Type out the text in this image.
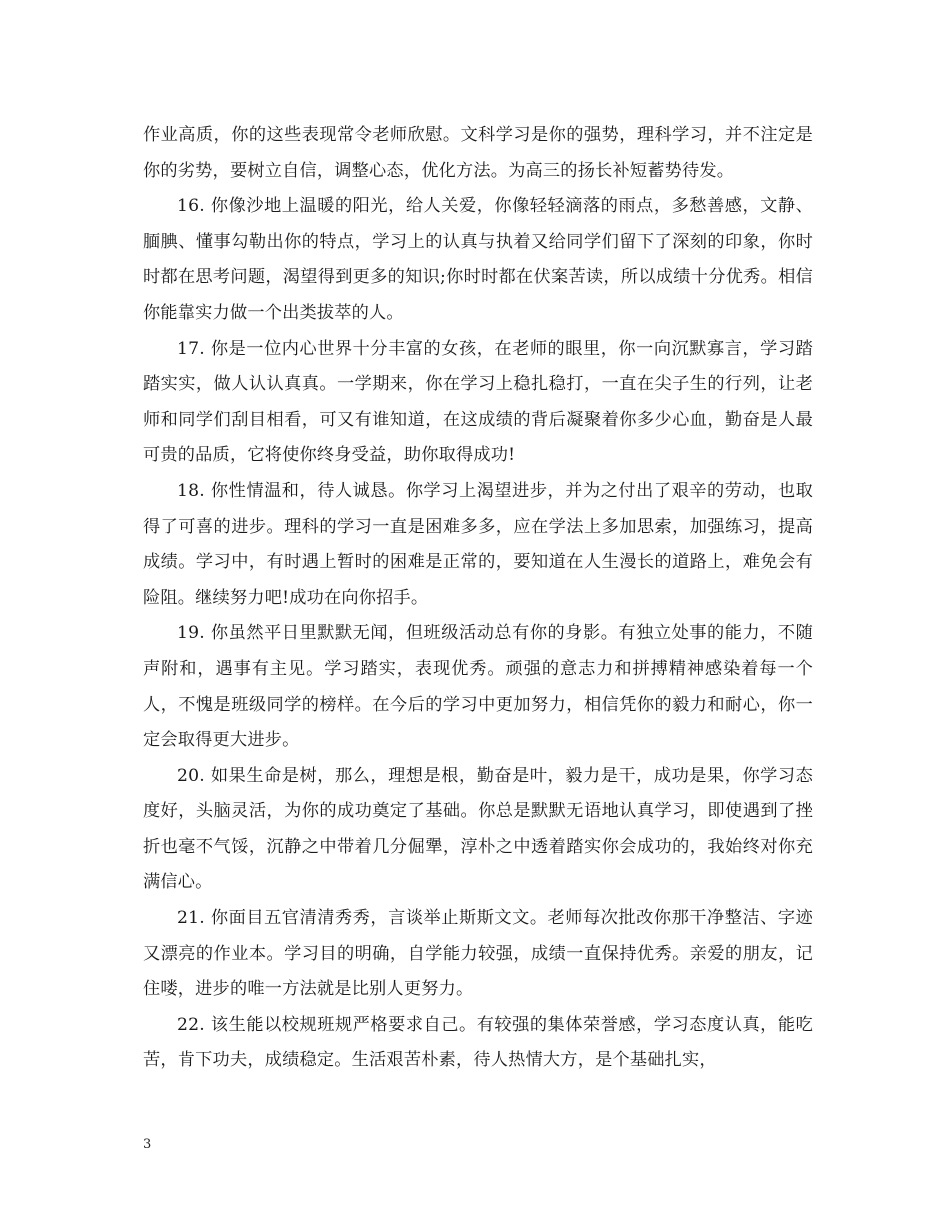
作业高质，你的这些表现常令老师欣慰。文科学习是你的强势，理科学习，并不注定是你的劣势，要树立自信，调整心态，优化方法。为高三的扬长补短蓄势待发。

16. 你像沙地上温暖的阳光，给人关爱，你像轻轻滴落的雨点，多愁善感，文静、腼腆、懂事勾勒出你的特点，学习上的认真与执着又给同学们留下了深刻的印象，你时时都在思考问题，渴望得到更多的知识;你时时都在伏案苦读，所以成绩十分优秀。相信你能靠实力做一个出类拔萃的人。

17. 你是一位内心世界十分丰富的女孩，在老师的眼里，你一向沉默寡言，学习踏踏实实，做人认认真真。一学期来，你在学习上稳扎稳打，一直在尖子生的行列，让老师和同学们刮目相看，可又有谁知道，在这成绩的背后凝聚着你多少心血，勤奋是人最可贵的品质，它将使你终身受益，助你取得成功!

18. 你性情温和，待人诚恳。你学习上渴望进步，并为之付出了艰辛的劳动，也取得了可喜的进步。理科的学习一直是困难多多，应在学法上多加思索，加强练习，提高成绩。学习中，有时遇上暂时的困难是正常的，要知道在人生漫长的道路上，难免会有险阻。继续努力吧!成功在向你招手。

19. 你虽然平日里默默无闻，但班级活动总有你的身影。有独立处事的能力，不随声附和，遇事有主见。学习踏实，表现优秀。顽强的意志力和拼搏精神感染着每一个人，不愧是班级同学的榜样。在今后的学习中更加努力，相信凭你的毅力和耐心，你一定会取得更大进步。

20. 如果生命是树，那么，理想是根，勤奋是叶，毅力是干，成功是果，你学习态度好，头脑灵活，为你的成功奠定了基础。你总是默默无语地认真学习，即使遇到了挫折也毫不气馁，沉静之中带着几分倔犟，淳朴之中透着踏实你会成功的，我始终对你充满信心。

21. 你面目五官清清秀秀，言谈举止斯斯文文。老师每次批改你那干净整洁、字迹又漂亮的作业本。学习目的明确，自学能力较强，成绩一直保持优秀。亲爱的朋友，记住喽，进步的唯一方法就是比别人更努力。

22. 该生能以校规班规严格要求自己。有较强的集体荣誉感，学习态度认真，能吃苦，肯下功夫，成绩稳定。生活艰苦朴素，待人热情大方，是个基础扎实，

3
